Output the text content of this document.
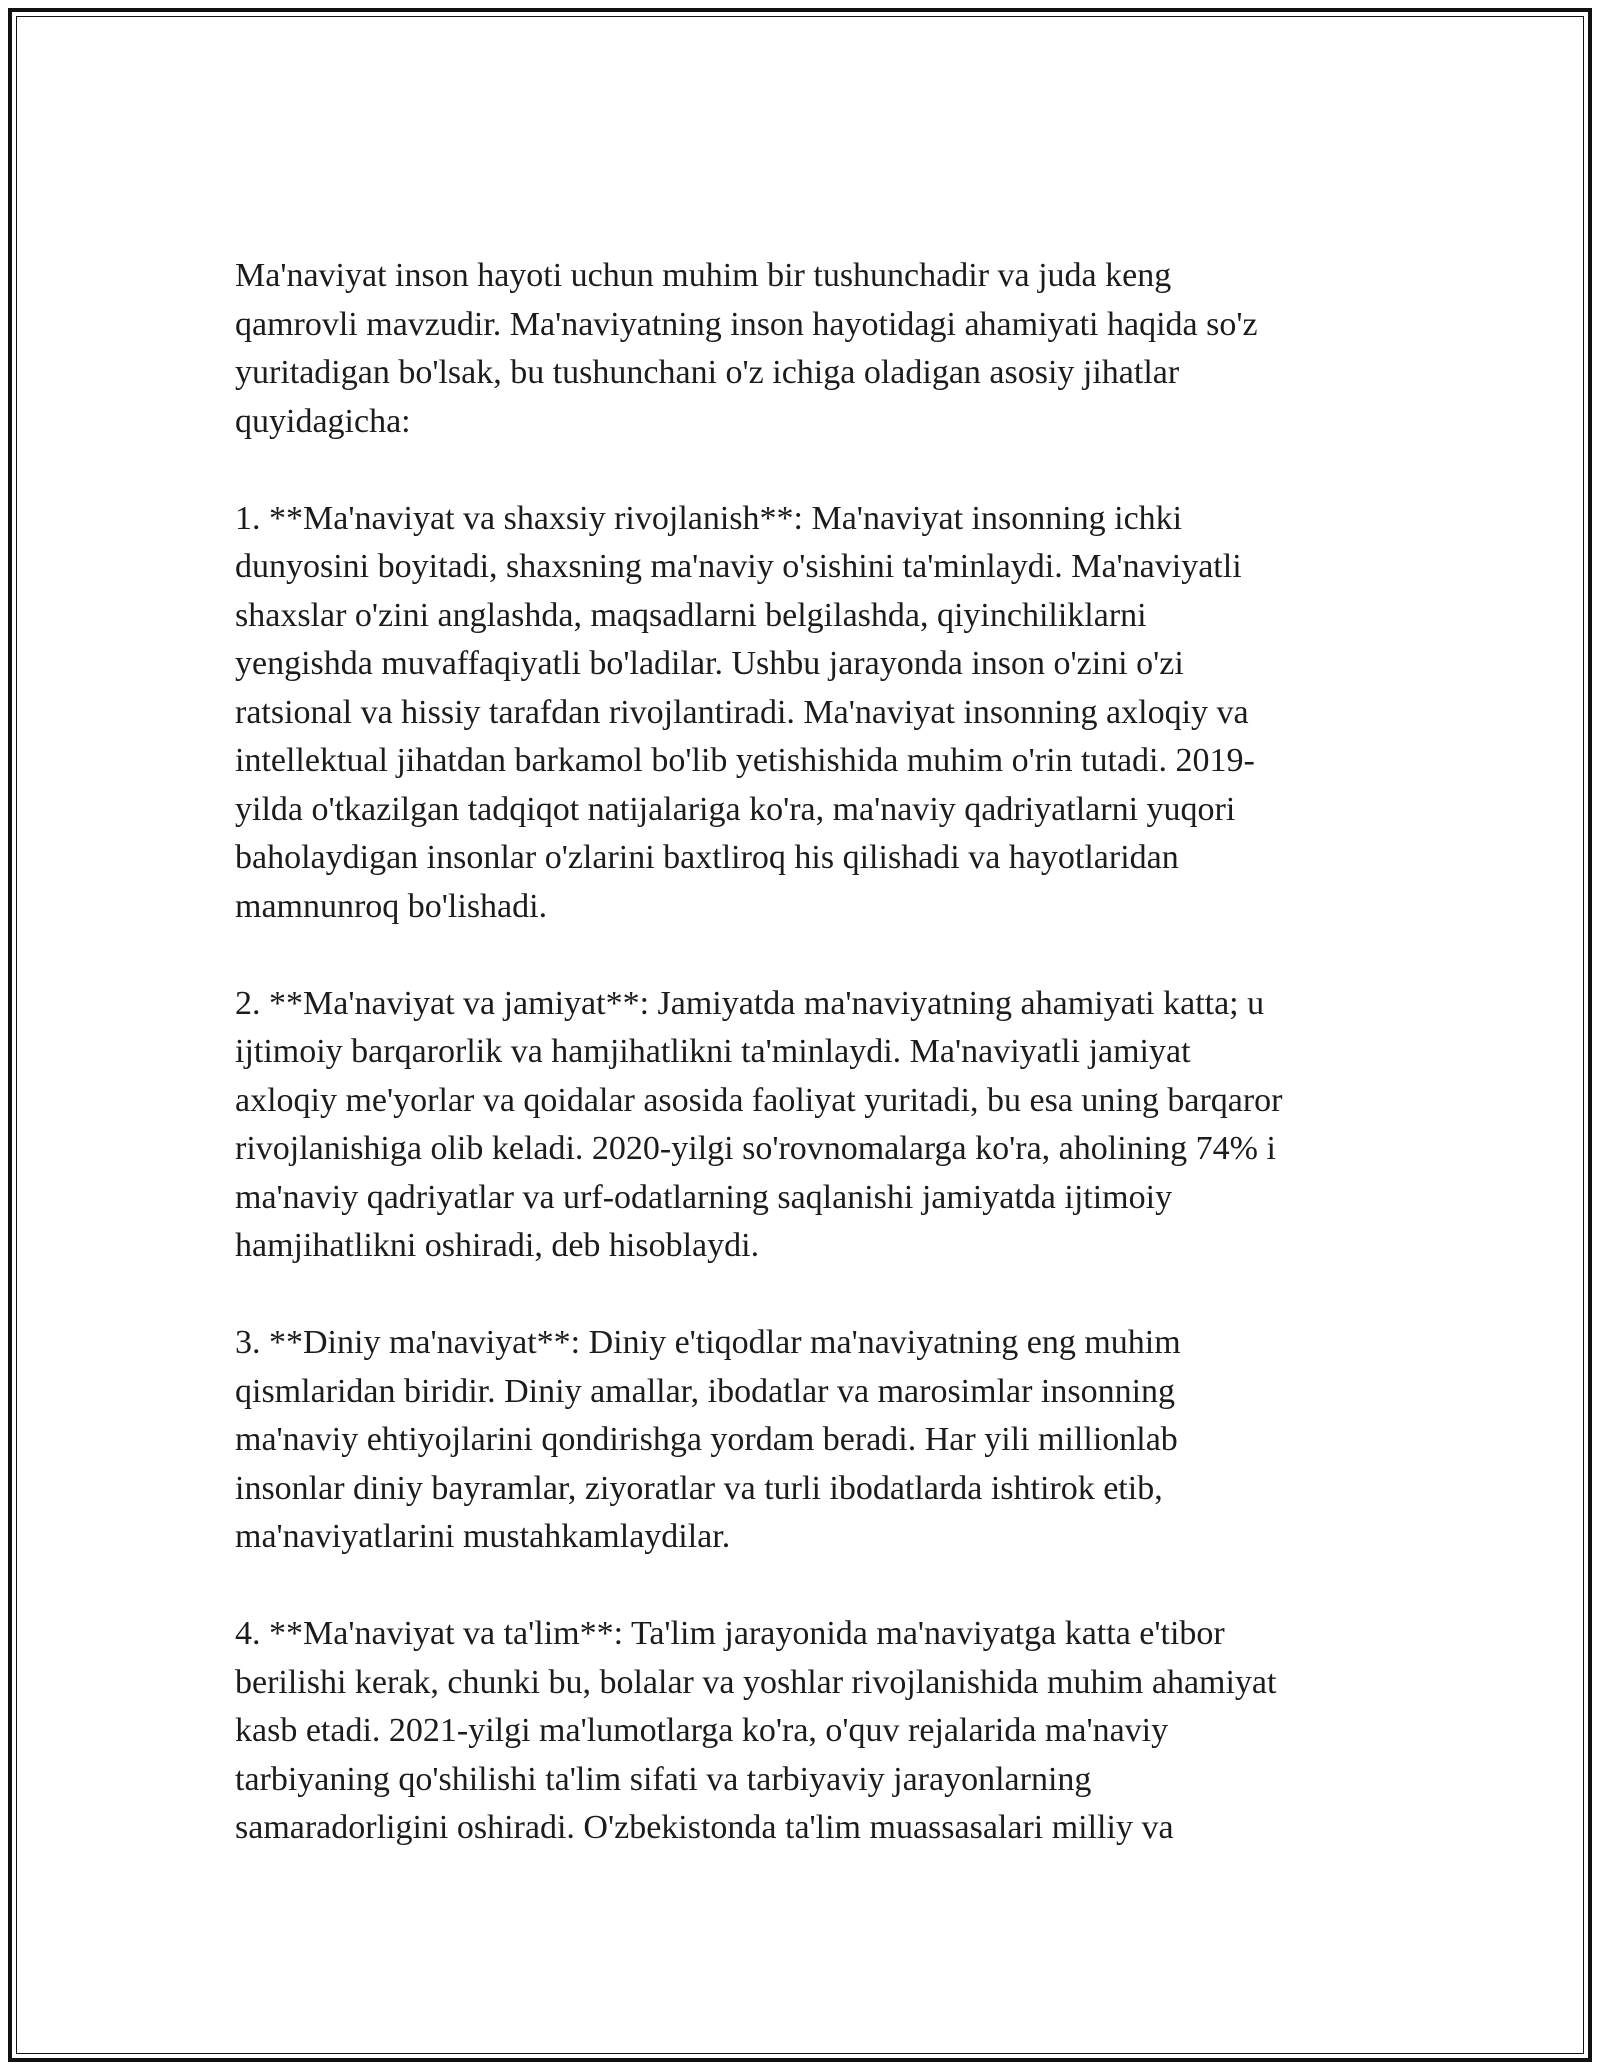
Ma'naviyat inson hayoti uchun muhim bir tushunchadir va juda keng
qamrovli mavzudir. Ma'naviyatning inson hayotidagi ahamiyati haqida so'z
yuritadigan bo'lsak, bu tushunchani o'z ichiga oladigan asosiy jihatlar
quyidagicha:

1. **Ma'naviyat va shaxsiy rivojlanish**: Ma'naviyat insonning ichki
dunyosini boyitadi, shaxsning ma'naviy o'sishini ta'minlaydi. Ma'naviyatli
shaxslar o'zini anglashda, maqsadlarni belgilashda, qiyinchiliklarni
yengishda muvaffaqiyatli bo'ladilar. Ushbu jarayonda inson o'zini o'zi
ratsional va hissiy tarafdan rivojlantiradi. Ma'naviyat insonning axloqiy va
intellektual jihatdan barkamol bo'lib yetishishida muhim o'rin tutadi. 2019-
yilda o'tkazilgan tadqiqot natijalariga ko'ra, ma'naviy qadriyatlarni yuqori
baholaydigan insonlar o'zlarini baxtliroq his qilishadi va hayotlaridan
mamnunroq bo'lishadi.

2. **Ma'naviyat va jamiyat**: Jamiyatda ma'naviyatning ahamiyati katta; u
ijtimoiy barqarorlik va hamjihatlikni ta'minlaydi. Ma'naviyatli jamiyat
axloqiy me'yorlar va qoidalar asosida faoliyat yuritadi, bu esa uning barqaror
rivojlanishiga olib keladi. 2020-yilgi so'rovnomalarga ko'ra, aholining 74% i
ma'naviy qadriyatlar va urf-odatlarning saqlanishi jamiyatda ijtimoiy
hamjihatlikni oshiradi, deb hisoblaydi.

3. **Diniy ma'naviyat**: Diniy e'tiqodlar ma'naviyatning eng muhim
qismlaridan biridir. Diniy amallar, ibodatlar va marosimlar insonning
ma'naviy ehtiyojlarini qondirishga yordam beradi. Har yili millionlab
insonlar diniy bayramlar, ziyoratlar va turli ibodatlarda ishtirok etib,
ma'naviyatlarini mustahkamlaydilar.

4. **Ma'naviyat va ta'lim**: Ta'lim jarayonida ma'naviyatga katta e'tibor
berilishi kerak, chunki bu, bolalar va yoshlar rivojlanishida muhim ahamiyat
kasb etadi. 2021-yilgi ma'lumotlarga ko'ra, o'quv rejalarida ma'naviy
tarbiyaning qo'shilishi ta'lim sifati va tarbiyaviy jarayonlarning
samaradorligini oshiradi. O'zbekistonda ta'lim muassasalari milliy va
